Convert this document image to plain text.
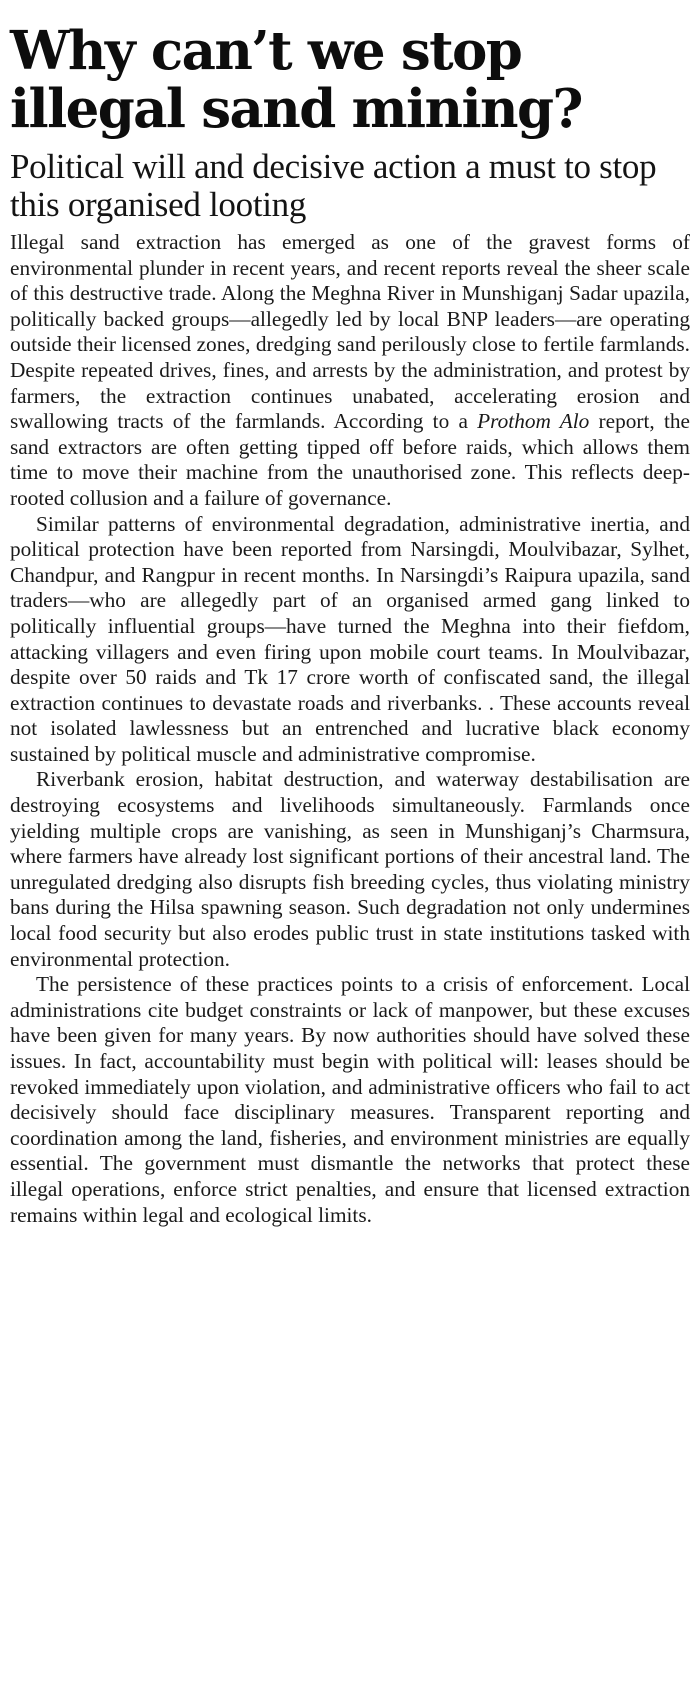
Why can’t we stop illegal sand mining?
Political will and decisive action a must to stop this organised looting

Illegal sand extraction has emerged as one of the gravest forms of environmental plunder in recent years, and recent reports reveal the sheer scale of this destructive trade. Along the Meghna River in Munshiganj Sadar upazila, politically backed groups—allegedly led by local BNP leaders—are operating outside their licensed zones, dredging sand perilously close to fertile farmlands. Despite repeated drives, fines, and arrests by the administration, and protest by farmers, the extraction continues unabated, accelerating erosion and swallowing tracts of the farmlands. According to a Prothom Alo report, the sand extractors are often getting tipped off before raids, which allows them time to move their machine from the unauthorised zone. This reflects deep-rooted collusion and a failure of governance.

Similar patterns of environmental degradation, administrative inertia, and political protection have been reported from Narsingdi, Moulvibazar, Sylhet, Chandpur, and Rangpur in recent months. In Narsingdi’s Raipura upazila, sand traders—who are allegedly part of an organised armed gang linked to politically influential groups—have turned the Meghna into their fiefdom, attacking villagers and even firing upon mobile court teams. In Moulvibazar, despite over 50 raids and Tk 17 crore worth of confiscated sand, the illegal extraction continues to devastate roads and riverbanks. . These accounts reveal not isolated lawlessness but an entrenched and lucrative black economy sustained by political muscle and administrative compromise.

Riverbank erosion, habitat destruction, and waterway destabilisation are destroying ecosystems and livelihoods simultaneously. Farmlands once yielding multiple crops are vanishing, as seen in Munshiganj’s Charmsura, where farmers have already lost significant portions of their ancestral land. The unregulated dredging also disrupts fish breeding cycles, thus violating ministry bans during the Hilsa spawning season. Such degradation not only undermines local food security but also erodes public trust in state institutions tasked with environmental protection.

The persistence of these practices points to a crisis of enforcement. Local administrations cite budget constraints or lack of manpower, but these excuses have been given for many years. By now authorities should have solved these issues. In fact, accountability must begin with political will: leases should be revoked immediately upon violation, and administrative officers who fail to act decisively should face disciplinary measures. Transparent reporting and coordination among the land, fisheries, and environment ministries are equally essential. The government must dismantle the networks that protect these illegal operations, enforce strict penalties, and ensure that licensed extraction remains within legal and ecological limits.
